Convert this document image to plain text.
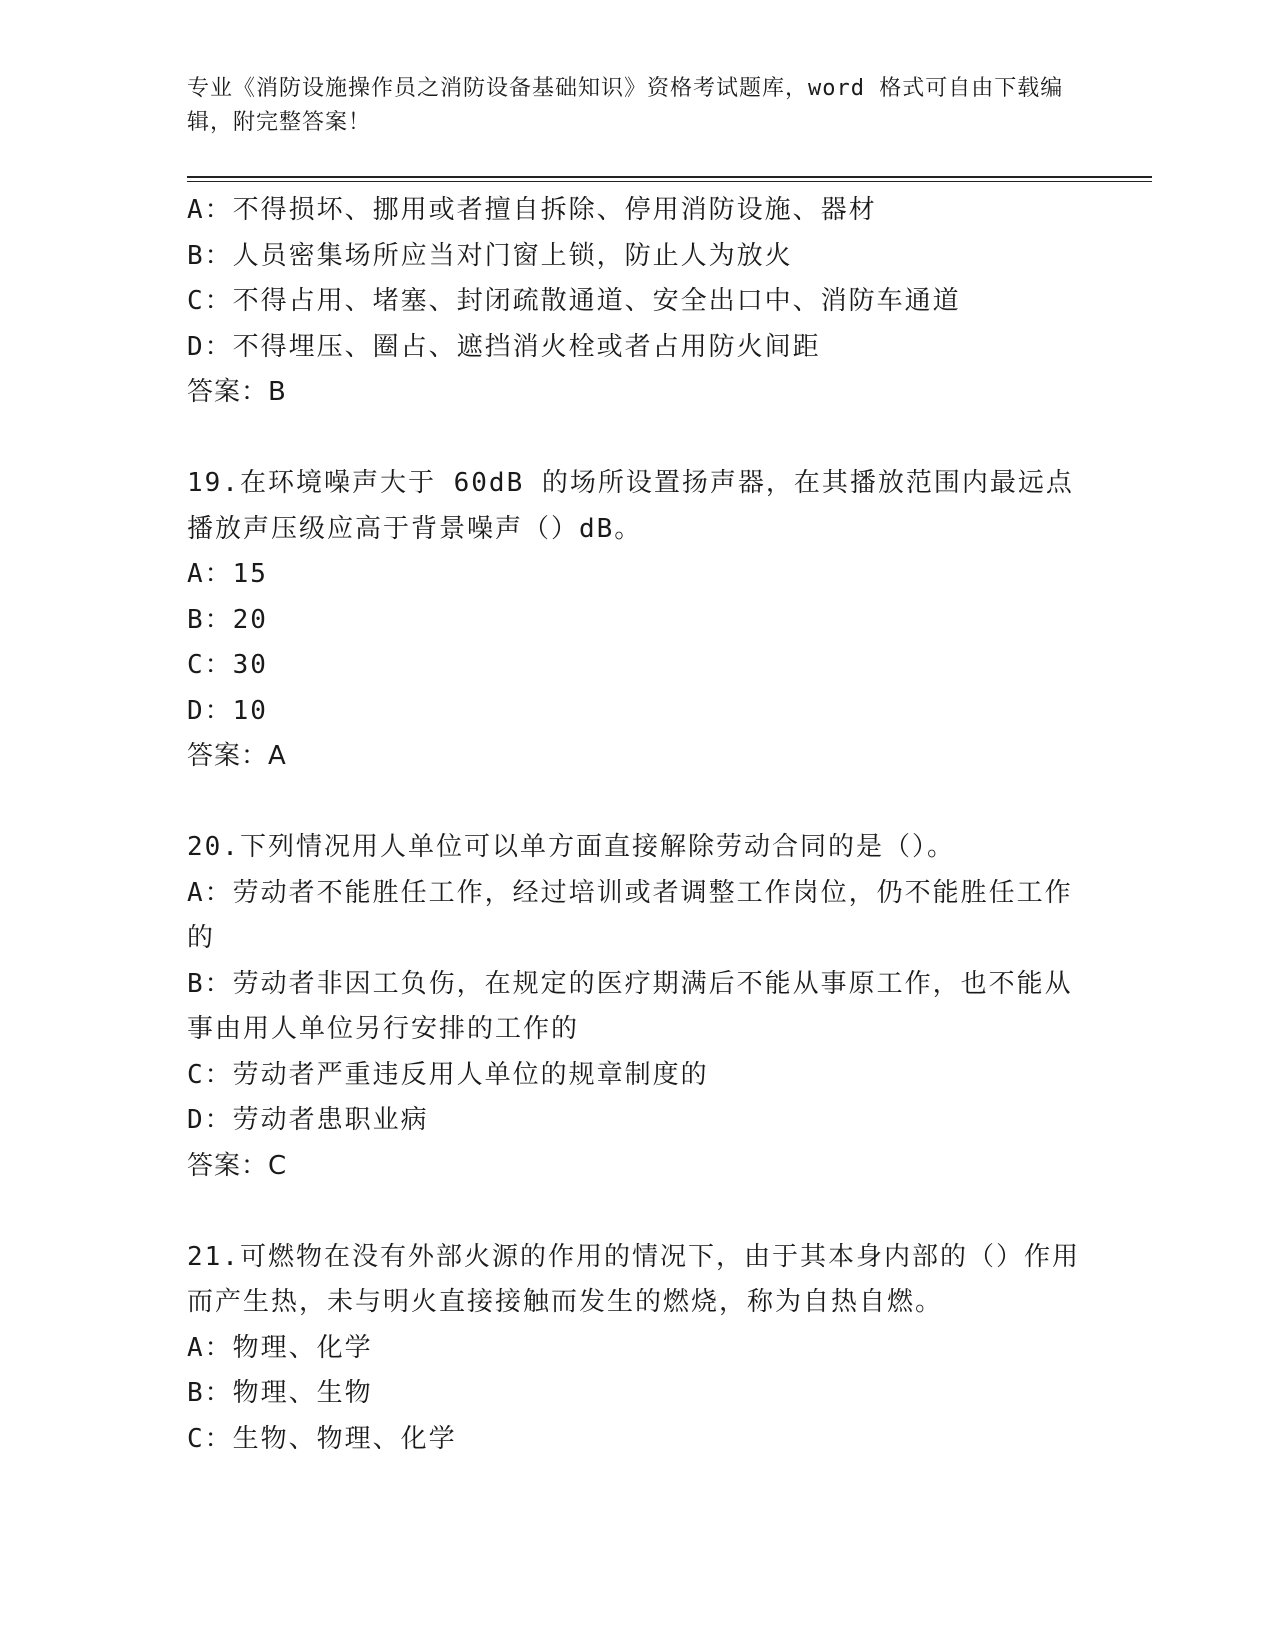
专业《消防设施操作员之消防设备基础知识》资格考试题库，word 格式可自由下载编辑，附完整答案！
A：不得损坏、挪用或者擅自拆除、停用消防设施、器材
B：人员密集场所应当对门窗上锁，防止人为放火
C：不得占用、堵塞、封闭疏散通道、安全出口中、消防车通道
D：不得埋压、圈占、遮挡消火栓或者占用防火间距
答案：B
19.在环境噪声大于 60dB 的场所设置扬声器，在其播放范围内最远点播放声压级应高于背景噪声（）dB。
A：15
B：20
C：30
D：10
答案：A
20.下列情况用人单位可以单方面直接解除劳动合同的是（）。
A：劳动者不能胜任工作，经过培训或者调整工作岗位，仍不能胜任工作的
B：劳动者非因工负伤，在规定的医疗期满后不能从事原工作，也不能从事由用人单位另行安排的工作的
C：劳动者严重违反用人单位的规章制度的
D：劳动者患职业病
答案：C
21.可燃物在没有外部火源的作用的情况下，由于其本身内部的（）作用而产生热，未与明火直接接触而发生的燃烧，称为自热自燃。
A：物理、化学
B：物理、生物
C：生物、物理、化学
